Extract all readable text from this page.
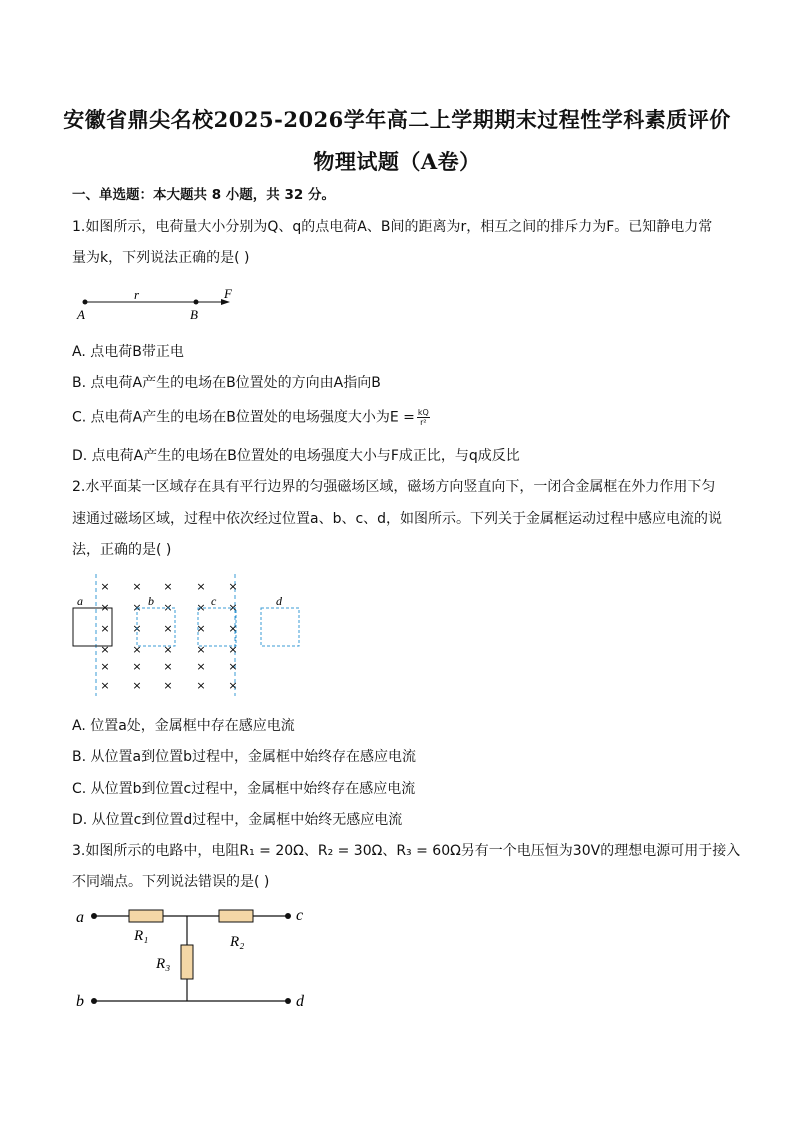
安徽省鼎尖名校2025-2026学年高二上学期期末过程性学科素质评价
物理试题（A卷）
一、单选题：本大题共 8 小题，共 32 分。
1.如图所示，电荷量大小分别为Q、q的点电荷A、B间的距离为r，相互之间的排斥力为F。已知静电力常
量为k，下列说法正确的是( )
A	B
r	F
A. 点电荷B带正电
B. 点电荷A产生的电场在B位置处的方向由A指向B
C. 点电荷A产生的电场在B位置处的电场强度大小为$E = \frac{kQ}{\text{r²}}$
D. 点电荷A产生的电场在B位置处的电场强度大小与F成正比，与q成反比
2.水平面某一区域存在具有平行边界的匀强磁场区域，磁场方向竖直向下，一闭合金属框在外力作用下匀
速通过磁场区域，过程中依次经过位置a、b、c、d，如图所示。下列关于金属框运动过程中感应电流的说
法，正确的是( )
× × × × ×
× × × × ×
× × × × ×
× × × × ×
× × × × ×
× × × × ×
a	b	c	d
A. 位置a处，金属框中存在感应电流
B. 从位置a到位置b过程中，金属框中始终存在感应电流
C. 从位置b到位置c过程中，金属框中始终存在感应电流
D. 从位置c到位置d过程中，金属框中始终无感应电流
3.如图所示的电路中，电阻R₁ = 20Ω、R₂ = 30Ω、R₃ = 60Ω另有一个电压恒为30V的理想电源可用于接入
不同端点。下列说法错误的是( )
a	c
b	d
R₁	R₂
R₃
